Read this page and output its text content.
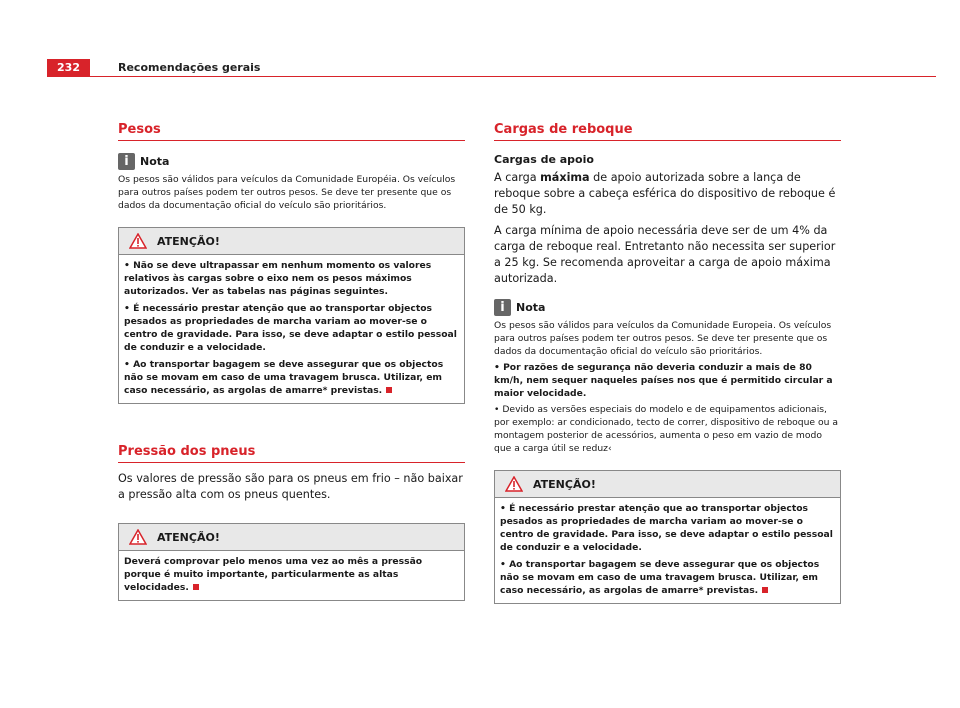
232	Recomendações gerais
Pesos
i	Nota

Os pesos são válidos para veículos da Comunidade Européia. Os veículos para outros países podem ter outros pesos. Se deve ter presente que os dados da documentação oficial do veículo são prioritários.

ATENÇÃO!

• Não se deve ultrapassar em nenhum momento os valores relativos às cargas sobre o eixo nem os pesos máximos autorizados. Ver as tabelas nas páginas seguintes.

• É necessário prestar atenção que ao transportar objectos pesados as propriedades de marcha variam ao mover-se o centro de gravidade. Para isso, se deve adaptar o estilo pessoal de conduzir e a velocidade.

• Ao transportar bagagem se deve assegurar que os objectos não se movam em caso de uma travagem brusca. Utilizar, em caso necessário, as argolas de amarre* previstas.

Pressão dos pneus

Os valores de pressão são para os pneus em frio – não baixar a pressão alta com os pneus quentes.

ATENÇÃO!

Deverá comprovar pelo menos uma vez ao mês a pressão porque é muito importante, particularmente as altas velocidades.

Cargas de reboque

Cargas de apoio

A carga máxima de apoio autorizada sobre a lança de reboque sobre a cabeça esférica do dispositivo de reboque é de 50 kg.

A carga mínima de apoio necessária deve ser de um 4% da carga de reboque real. Entretanto não necessita ser superior a 25 kg. Se recomenda aproveitar a carga de apoio máxima autorizada.

i	Nota

Os pesos são válidos para veículos da Comunidade Europeia. Os veículos para outros países podem ter outros pesos. Se deve ter presente que os dados da documentação oficial do veículo são prioritários.

• Por razões de segurança não deveria conduzir a mais de 80 km/h, nem sequer naqueles países nos que é permitido circular a maior velocidade.

• Devido as versões especiais do modelo e de equipamentos adicionais, por exemplo: ar condicionado, tecto de correr, dispositivo de reboque ou a montagem posterior de acessórios, aumenta o peso em vazio de modo que a carga útil se reduz‹

ATENÇÃO!

• É necessário prestar atenção que ao transportar objectos pesados as propriedades de marcha variam ao mover-se o centro de gravidade. Para isso, se deve adaptar o estilo pessoal de conduzir e a velocidade.

• Ao transportar bagagem se deve assegurar que os objectos não se movam em caso de uma travagem brusca. Utilizar, em caso necessário, as argolas de amarre* previstas.
